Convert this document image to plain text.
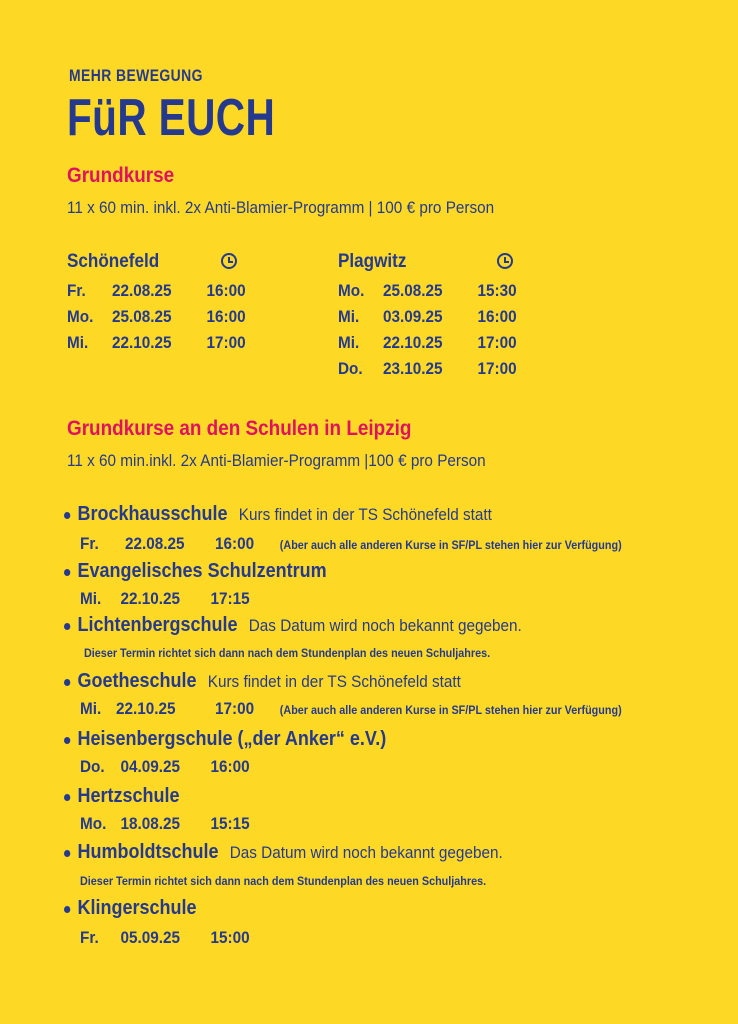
MEHR BEWEGUNG
FüR EUCH
Grundkurse
11 x 60 min. inkl. 2x Anti-Blamier-Programm | 100 € pro Person
Schönefeld
Fr. 22.08.25 16:00
Mo. 25.08.25 16:00
Mi. 22.10.25 17:00
Plagwitz
Mo. 25.08.25 15:30
Mi. 03.09.25 16:00
Mi. 22.10.25 17:00
Do. 23.10.25 17:00
Grundkurse an den Schulen in Leipzig
11 x 60 min.inkl. 2x Anti-Blamier-Programm |100 € pro Person
Brockhausschule Kurs findet in der TS Schönefeld statt
Fr. 22.08.25 16:00 (Aber auch alle anderen Kurse in SF/PL stehen hier zur Verfügung)
Evangelisches Schulzentrum
Mi. 22.10.25 17:15
Lichtenbergschule Das Datum wird noch bekannt gegeben.
Dieser Termin richtet sich dann nach dem Stundenplan des neuen Schuljahres.
Goetheschule Kurs findet in der TS Schönefeld statt
Mi. 22.10.25 17:00 (Aber auch alle anderen Kurse in SF/PL stehen hier zur Verfügung)
Heisenbergschule („der Anker“ e.V.)
Do. 04.09.25 16:00
Hertzschule
Mo. 18.08.25 15:15
Humboldtschule Das Datum wird noch bekannt gegeben.
Dieser Termin richtet sich dann nach dem Stundenplan des neuen Schuljahres.
Klingerschule
Fr. 05.09.25 15:00
